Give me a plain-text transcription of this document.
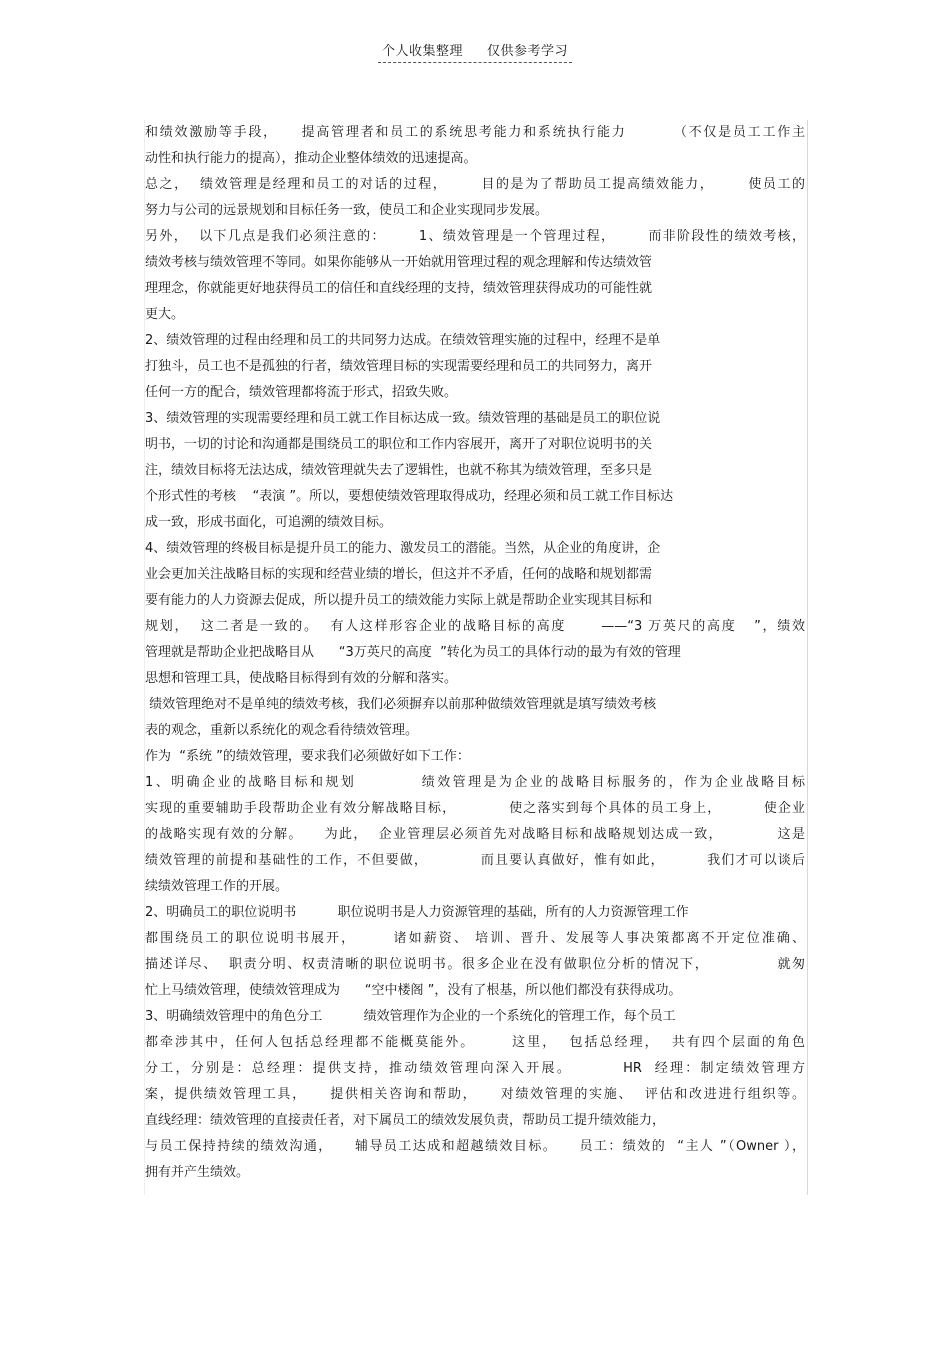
个人收集整理 仅供参考学习
和绩效激励等手段，    提高管理者和员工的系统思考能力和系统执行能力        （不仅是员工工作主
动性和执行能力的提高），推动企业整体绩效的迅速提高。
总之，  绩效管理是经理和员工的对话的过程，      目的是为了帮助员工提高绩效能力，      使员工的
努力与公司的远景规划和目标任务一致，使员工和企业实现同步发展。
另外，  以下几点是我们必须注意的：      1、绩效管理是一个管理过程，      而非阶段性的绩效考核，
绩效考核与绩效管理不等同。如果你能够从一开始就用管理过程的观念理解和传达绩效管
理理念，你就能更好地获得员工的信任和直线经理的支持，绩效管理获得成功的可能性就
更大。
2、绩效管理的过程由经理和员工的共同努力达成。在绩效管理实施的过程中，经理不是单
打独斗，员工也不是孤独的行者，绩效管理目标的实现需要经理和员工的共同努力，离开
任何一方的配合，绩效管理都将流于形式，招致失败。
3、绩效管理的实现需要经理和员工就工作目标达成一致。绩效管理的基础是员工的职位说
明书，一切的讨论和沟通都是围绕员工的职位和工作内容展开，离开了对职位说明书的关
注，绩效目标将无法达成，绩效管理就失去了逻辑性，也就不称其为绩效管理，至多只是
个形式性的考核    “表演 ”。所以，要想使绩效管理取得成功，经理必须和员工就工作目标达
成一致，形成书面化，可追溯的绩效目标。
4、绩效管理的终极目标是提升员工的能力、激发员工的潜能。当然，从企业的角度讲，企
业会更加关注战略目标的实现和经营业绩的增长，但这并不矛盾，任何的战略和规划都需
要有能力的人力资源去促成，所以提升员工的绩效能力实际上就是帮助企业实现其目标和
规划，  这二者是一致的。  有人这样形容企业的战略目标的高度      ——“3 万英尺的高度   ”，绩效
管理就是帮助企业把战略目从      “3万英尺的高度  ”转化为员工的具体行动的最为有效的管理
思想和管理工具，使战略目标得到有效的分解和落实。
绩效管理绝对不是单纯的绩效考核，我们必须摒弃以前那种做绩效管理就是填写绩效考核
表的观念，重新以系统化的观念看待绩效管理。
作为  “系统 ”的绩效管理，要求我们必须做好如下工作：
1、明确企业的战略目标和规划          绩效管理是为企业的战略目标服务的，作为企业战略目标
实现的重要辅助手段帮助企业有效分解战略目标，          使之落实到每个具体的员工身上，        使企业
的战略实现有效的分解。    为此，  企业管理层必须首先对战略目标和战略规划达成一致，          这是
绩效管理的前提和基础性的工作，不但要做，          而且要认真做好，惟有如此，        我们才可以谈后
续绩效管理工作的开展。
2、明确员工的职位说明书          职位说明书是人力资源管理的基础，所有的人力资源管理工作
都围绕员工的职位说明书展开，      诸如薪资、 培训、晋升、发展等人事决策都离不开定位准确、
描述详尽、  职责分明、权责清晰的职位说明书。很多企业在没有做职位分析的情况下，            就匆
忙上马绩效管理，使绩效管理成为      “空中楼阁 ”，没有了根基，所以他们都没有获得成功。
3、明确绩效管理中的角色分工          绩效管理作为企业的一个系统化的管理工作，每个员工
都牵涉其中，任何人包括总经理都不能概莫能外。      这里，  包括总经理，  共有四个层面的角色
分工，分别是：总经理：提供支持，推动绩效管理向深入开展。        HR  经理：制定绩效管理方
案，提供绩效管理工具，    提供相关咨询和帮助，    对绩效管理的实施、  评估和改进进行组织等。
直线经理：绩效管理的直接责任者，对下属员工的绩效发展负责，帮助员工提升绩效能力，
与员工保持持续的绩效沟通，    辅导员工达成和超越绩效目标。    员工：绩效的  “主人 ”（Owner ），
拥有并产生绩效。
